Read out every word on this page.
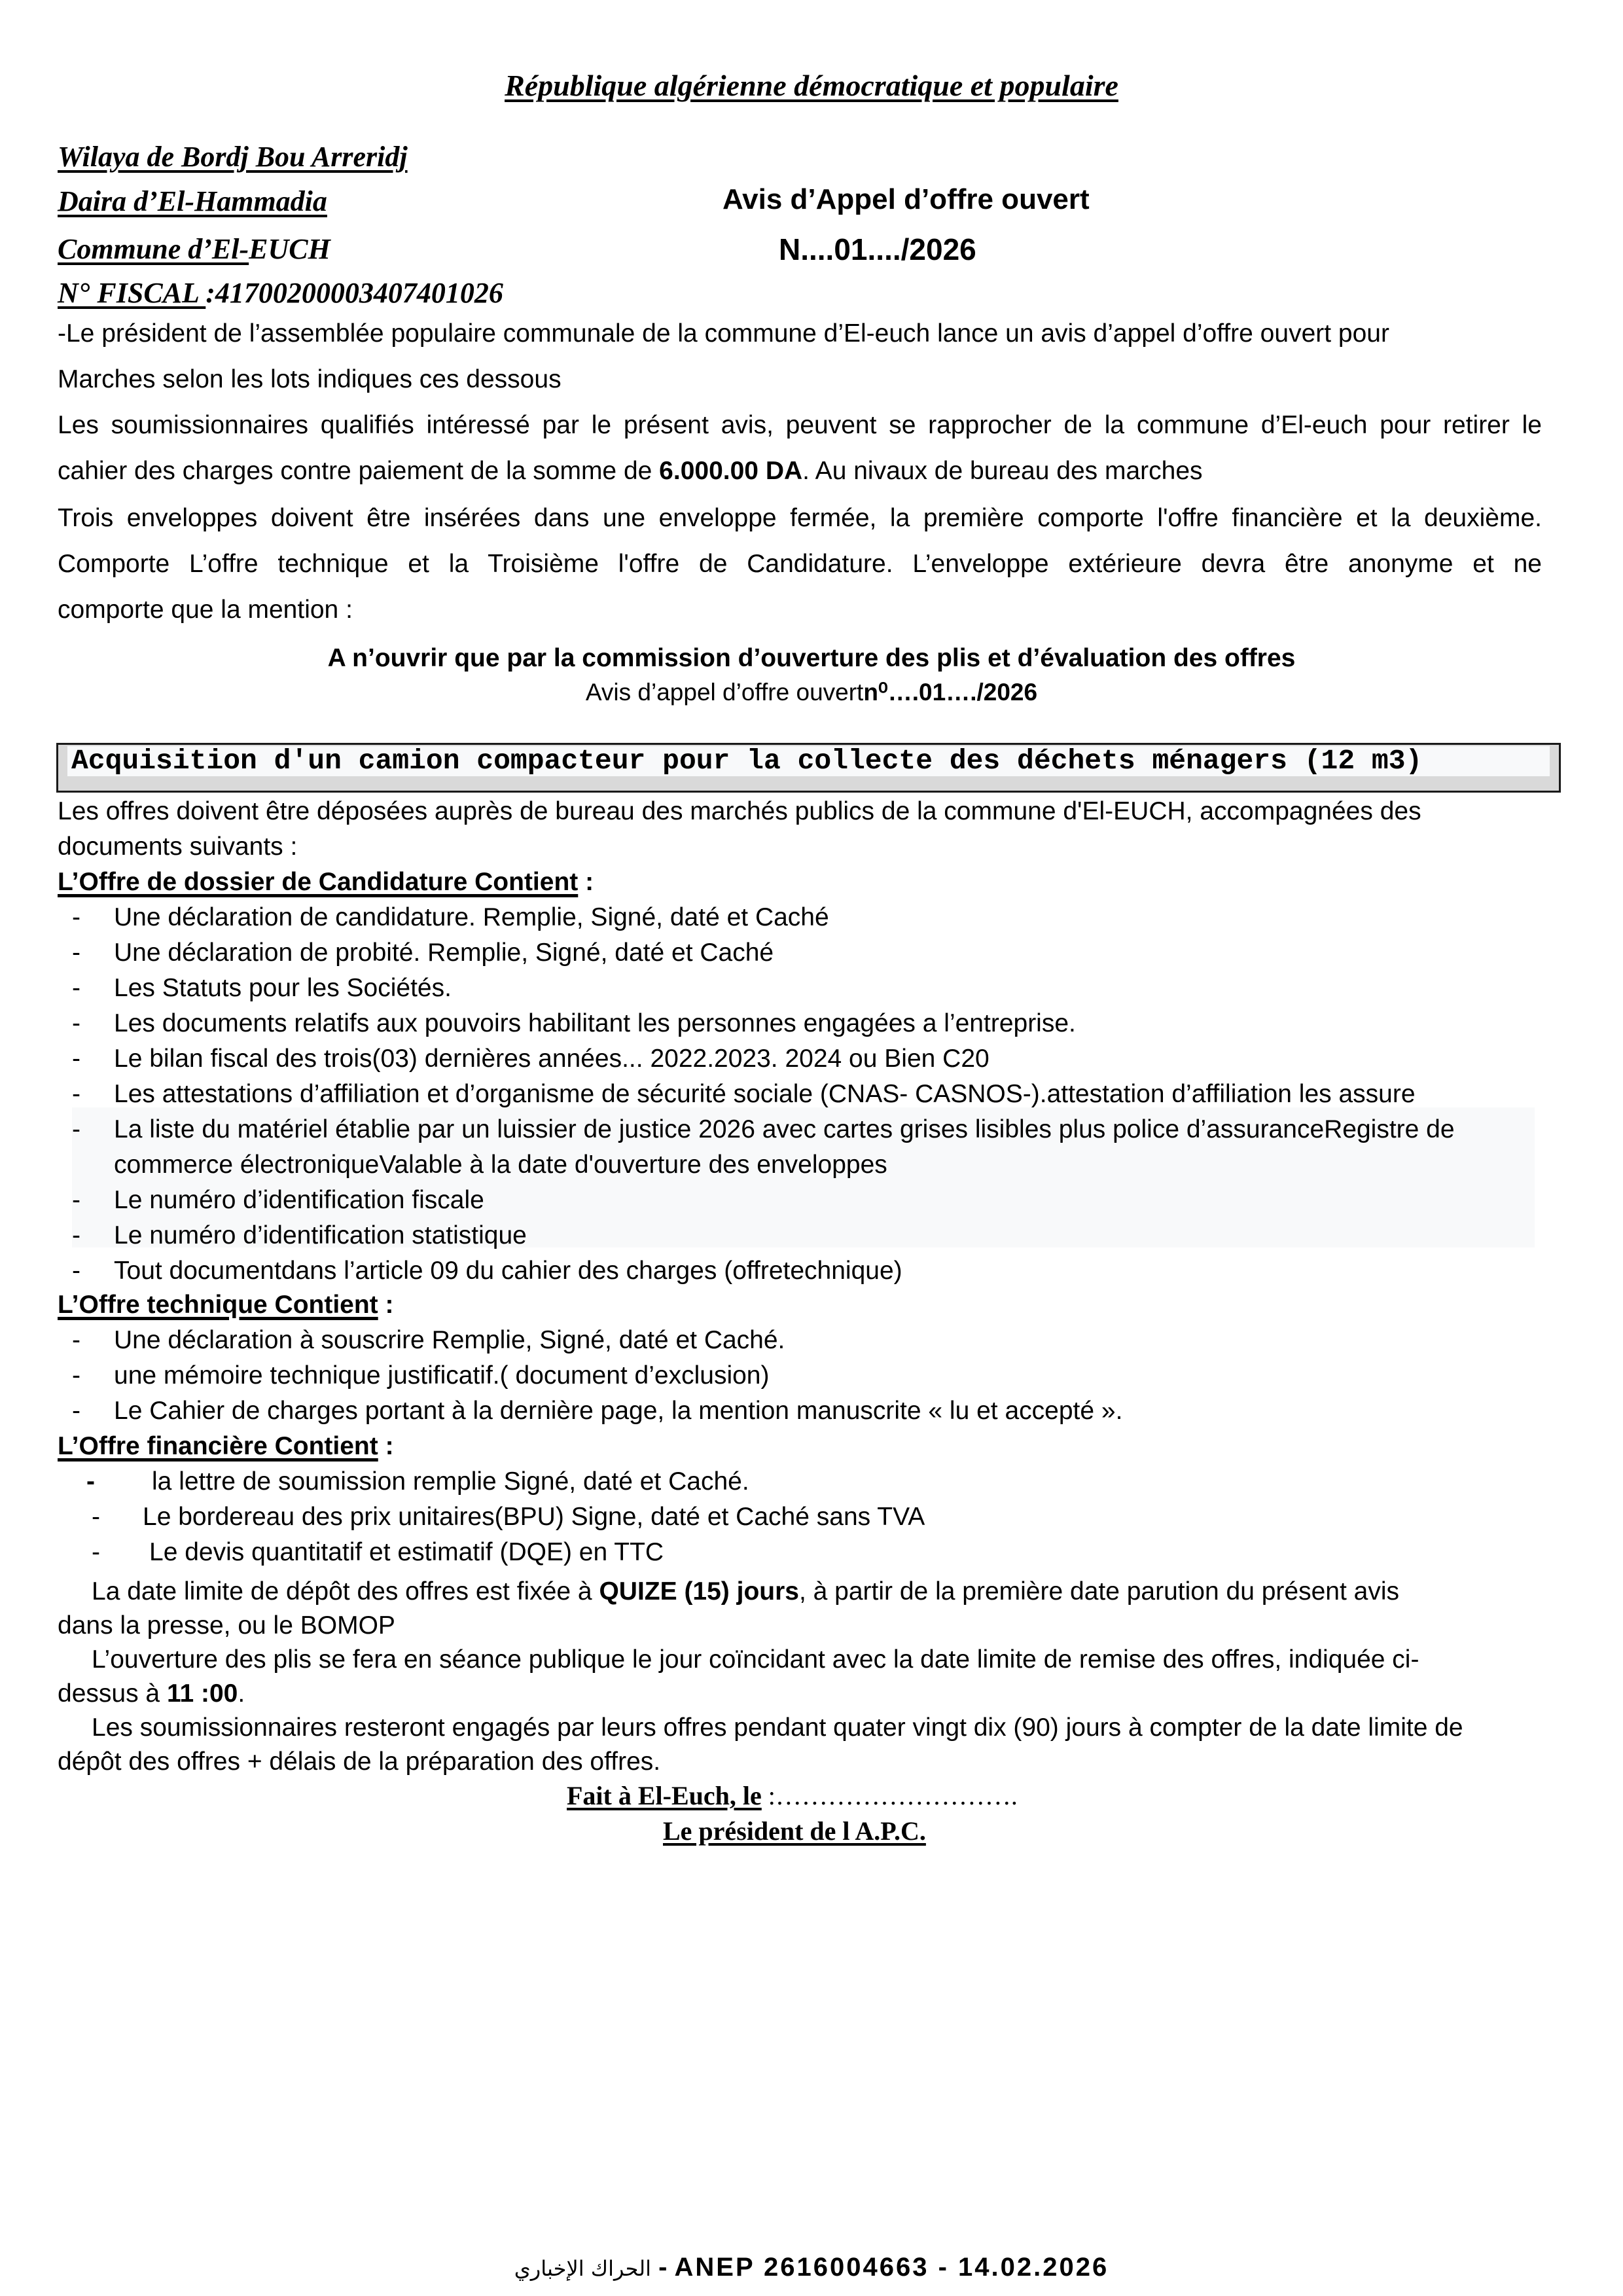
République algérienne démocratique et populaire
Wilaya de Bordj Bou Arreridj
Daira d’El-Hammadia
Commune d’El-EUCH
N° FISCAL :41700200003407401026
Avis d’Appel d’offre ouvert
N....01..../2026
-Le président de l’assemblée populaire communale de la commune d’El-euch lance un avis d’appel d’offre ouvert pour
Marches selon les lots indiques ces dessous
Les soumissionnaires qualifiés intéressé par le présent avis, peuvent se rapprocher de la commune d’El-euch pour retirer le
cahier des charges contre paiement de la somme de 6.000.00 DA. Au nivaux de bureau des marches
Trois enveloppes doivent être insérées dans une enveloppe fermée, la première comporte l'offre financière et la deuxième.
Comporte L’offre technique et la Troisième l'offre de Candidature. L’enveloppe extérieure devra être anonyme et ne
comporte que la mention :
A n’ouvrir que par la commission d’ouverture des plis et d’évaluation des offres
Avis d’appel d’offre ouvertn⁰….01…./2026
Acquisition d'un camion compacteur pour la collecte des déchets ménagers (12 m3)
Les offres doivent être déposées auprès de bureau des marchés publics de la commune d'El-EUCH, accompagnées des
documents suivants :
L’Offre de dossier de Candidature Contient :
- Une déclaration de candidature. Remplie, Signé, daté et Caché
- Une déclaration de probité. Remplie, Signé, daté et Caché
- Les Statuts pour les Sociétés.
- Les documents relatifs aux pouvoirs habilitant les personnes engagées a l’entreprise.
- Le bilan fiscal des trois(03) dernières années... 2022.2023. 2024 ou Bien C20
- Les attestations d’affiliation et d’organisme de sécurité sociale (CNAS- CASNOS-).attestation d’affiliation les assure
- La liste du matériel établie par un luissier de justice 2026 avec cartes grises lisibles plus police d’assuranceRegistre de
commerce électroniqueValable à la date d'ouverture des enveloppes
- Le numéro d’identification fiscale
- Le numéro d’identification statistique
- Tout documentdans l’article 09 du cahier des charges (offretechnique)
- Une déclaration à souscrire Remplie, Signé, daté et Caché.
- une mémoire technique justificatif.( document d’exclusion)
- Le Cahier de charges portant à la dernière page, la mention manuscrite « lu et accepté ».
- la lettre de soumission remplie Signé, daté et Caché.
- Le bordereau des prix unitaires(BPU) Signe, daté et Caché sans TVA
- Le devis quantitatif et estimatif (DQE) en TTC
L’Offre technique Contient :
L’Offre financière Contient :
La date limite de dépôt des offres est fixée à QUIZE (15) jours, à partir de la première date parution du présent avis
dans la presse, ou le BOMOP
L’ouverture des plis se fera en séance publique le jour coïncidant avec la date limite de remise des offres, indiquée ci-
dessus à 11 :00.
Les soumissionnaires resteront engagés par leurs offres pendant quater vingt dix (90) jours à compter de la date limite de
dépôt des offres + délais de la préparation des offres.
Fait à El-Euch, le :……………………….
Le président de l A.P.C.
الحراك الإخباري - ANEP 2616004663 - 14.02.2026
